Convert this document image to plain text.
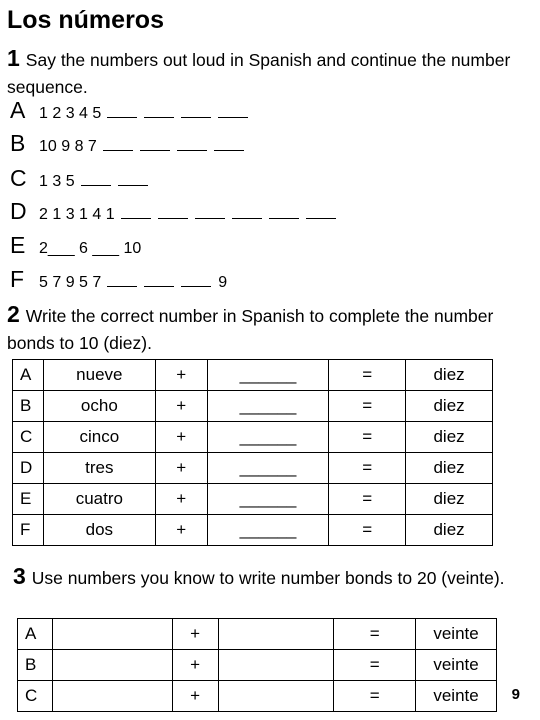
Los números
1 Say the numbers out loud in Spanish and continue the number sequence.
A 1 2 3 4 5
B 10 9 8 7
C 1 3 5
D 2 1 3 1 4 1
E 2___ 6 ___ 10
F 5 7 9 5 7	9
2 Write the correct number in Spanish to complete the number bonds to 10 (diez).
A	nueve	+	______	=	diez
B	ocho	+	______	=	diez
C	cinco	+	______	=	diez
D	tres	+	______	=	diez
E	cuatro	+	______	=	diez
F	dos	+	______	=	diez
3 Use numbers you know to write number bonds to 20 (veinte).
A		+		=	veinte
B		+		=	veinte
C		+		=	veinte 9
